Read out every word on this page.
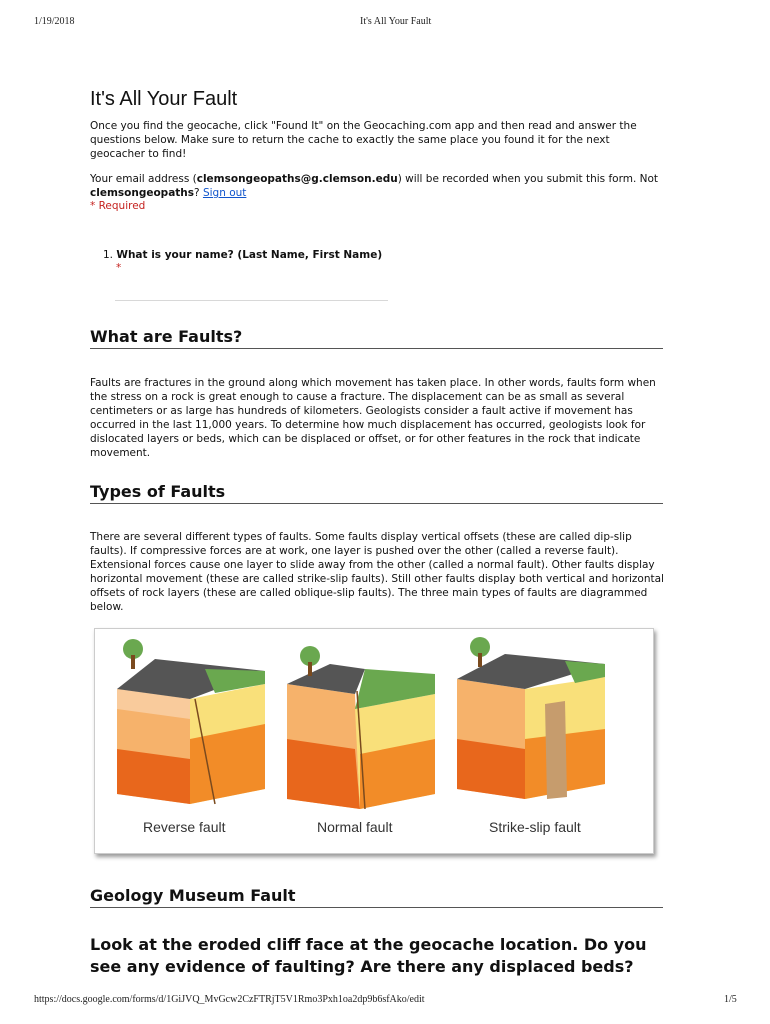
1/19/2018	It's All Your Fault
It's All Your Fault

Once you find the geocache, click "Found It" on the Geocaching.com app and then read and answer the questions below. Make sure to return the cache to exactly the same place you found it for the next geocacher to find!

Your email address (clemsongeopaths@g.clemson.edu) will be recorded when you submit this form. Not clemsongeopaths? Sign out

* Required

1. What is your name? (Last Name, First Name)
*
What are Faults?

Faults are fractures in the ground along which movement has taken place. In other words, faults form when the stress on a rock is great enough to cause a fracture. The displacement can be as small as several centimeters or as large has hundreds of kilometers. Geologists consider a fault active if movement has occurred in the last 11,000 years. To determine how much displacement has occurred, geologists look for dislocated layers or beds, which can be displaced or offset, or for other features in the rock that indicate movement.

Types of Faults

There are several different types of faults. Some faults display vertical offsets (these are called dip-slip faults). If compressive forces are at work, one layer is pushed over the other (called a reverse fault). Extensional forces cause one layer to slide away from the other (called a normal fault). Other faults display horizontal movement (these are called strike-slip faults). Still other faults display both vertical and horizontal offsets of rock layers (these are called oblique-slip faults). The three main types of faults are diagrammed below.

Reverse fault	Normal fault	Strike-slip fault
Geology Museum Fault
Look at the eroded cliff face at the geocache location. Do you see any evidence of faulting? Are there any displaced beds?
https://docs.google.com/forms/d/1GiJVQ_MvGcw2CzFTRjT5V1Rmo3Pxh1oa2dp9b6sfAko/edit	1/5
